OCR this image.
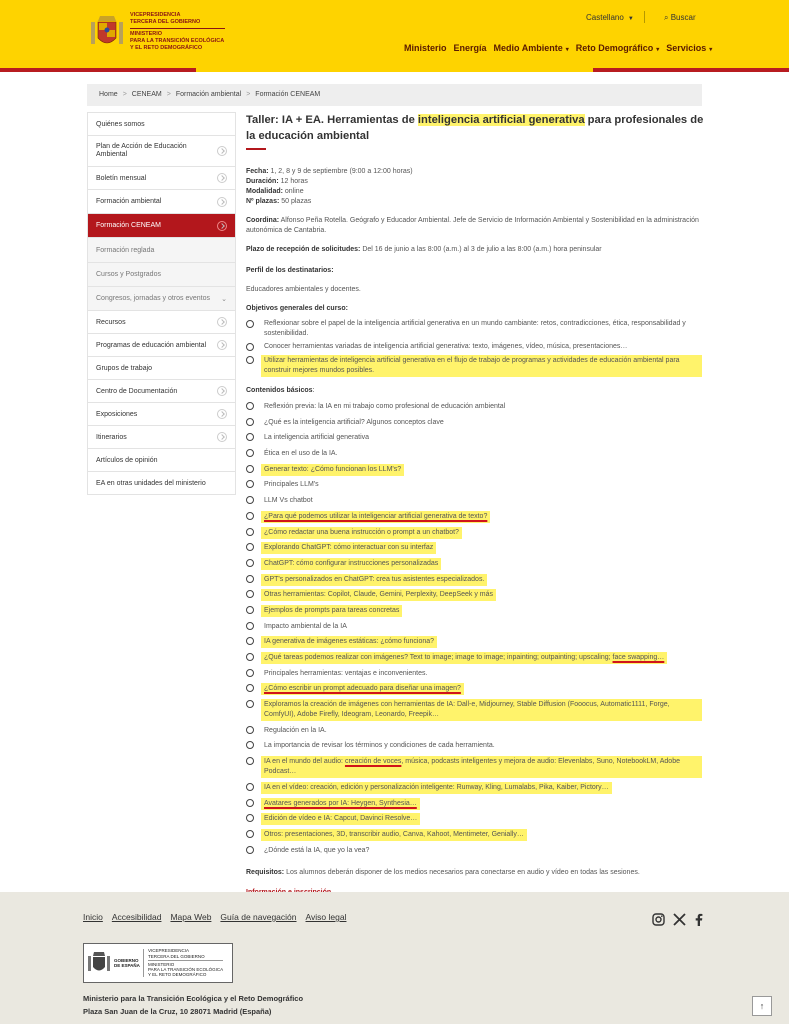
VICEPRESIDENCIA
TERCERA DEL GOBIERNO
MINISTERIO
PARA LA TRANSICIÓN ECOLÓGICA
Y EL RETO DEMOGRÁFICO
Castellano ▼	⌕ Buscar
Ministerio Energía Medio Ambiente ▾ Reto Demográfico ▾ Servicios ▾
Home > CENEAM > Formación ambiental > Formación CENEAM
Quiénes somos
Plan de Acción de Educación Ambiental
Boletín mensual
Formación ambiental
Formación CENEAM
Formación reglada
Cursos y Postgrados
Congresos, jornadas y otros eventos ⌄
Recursos
Programas de educación ambiental
Grupos de trabajo
Centro de Documentación
Exposiciones
Itinerarios
Artículos de opinión
EA en otras unidades del ministerio
Taller: IA + EA. Herramientas de inteligencia artificial generativa para profesionales de la educación ambiental
Fecha: 1, 2, 8 y 9 de septiembre (9:00 a 12:00 horas)
Duración: 12 horas
Modalidad: online
Nº plazas: 50 plazas
Coordina: Alfonso Peña Rotella. Geógrafo y Educador Ambiental. Jefe de Servicio de Información Ambiental y Sostenibilidad en la administración autonómica de Cantabria.
Plazo de recepción de solicitudes: Del 16 de junio a las 8:00 (a.m.) al 3 de julio a las 8:00 (a.m.) hora peninsular
Perfil de los destinatarios:
Educadores ambientales y docentes.
Objetivos generales del curso:
Reflexionar sobre el papel de la inteligencia artificial generativa en un mundo cambiante: retos, contradicciones, ética, responsabilidad y sostenibilidad.
Conocer herramientas variadas de inteligencia artificial generativa: texto, imágenes, vídeo, música, presentaciones…
Utilizar herramientas de inteligencia artificial generativa en el flujo de trabajo de programas y actividades de educación ambiental para construir mejores mundos posibles.
Contenidos básicos:
Reflexión previa: la IA en mi trabajo como profesional de educación ambiental
¿Qué es la inteligencia artificial? Algunos conceptos clave
La inteligencia artificial generativa
Ética en el uso de la IA.
Generar texto: ¿Cómo funcionan los LLM's?
Principales LLM's
LLM Vs chatbot
¿Para qué podemos utilizar la inteligenciar artificial generativa de texto?
¿Cómo redactar una buena instrucción o prompt a un chatbot?
Explorando ChatGPT: cómo interactuar con su interfaz
ChatGPT: cómo configurar instrucciones personalizadas
GPT's personalizados en ChatGPT: crea tus asistentes especializados.
Otras herramientas: Copilot, Claude, Gemini, Perplexity, DeepSeek y más
Ejemplos de prompts para tareas concretas
Impacto ambiental de la IA
IA generativa de imágenes estáticas: ¿cómo funciona?
¿Qué tareas podemos realizar con imágenes? Text to image; image to image; inpainting; outpainting; upscaling; face swapping…
Principales herramientas: ventajas e inconvenientes.
¿Cómo escribir un prompt adecuado para diseñar una imagen?
Exploramos la creación de imágenes con herramientas de IA: Dall-e, Midjourney, Stable Diffusion (Fooocus, Automatic1111, Forge, ComfyUI), Adobe Firefly, Ideogram, Leonardo, Freepik…
Regulación en la IA.
La importancia de revisar los términos y condiciones de cada herramienta.
IA en el mundo del audio: creación de voces, música, podcasts inteligentes y mejora de audio: Elevenlabs, Suno, NotebookLM, Adobe Podcast…
IA en el vídeo: creación, edición y personalización inteligente: Runway, Kling, Lumalabs, Pika, Kaiber, Pictory…
Avatares generados por IA: Heygen, Synthesia…
Edición de vídeo e IA: Capcut, Davinci Resolve…
Otros: presentaciones, 3D, transcribir audio, Canva, Kahoot, Mentimeter, Genially…
¿Dónde está la IA, que yo la vea?
Requisitos: Los alumnos deberán disponer de los medios necesarios para conectarse en audio y vídeo en todas las sesiones.
Inicio Accesibilidad Mapa Web Guía de navegación Aviso legal
GOBIERNO
DE ESPAÑA
VICEPRESIDENCIA
TERCERA DEL GOBIERNO
MINISTERIO
PARA LA TRANSICIÓN ECOLÓGICA
Y EL RETO DEMOGRÁFICO
Ministerio para la Transición Ecológica y el Reto Demográfico
Plaza San Juan de la Cruz, 10 28071 Madrid (España)
↑
